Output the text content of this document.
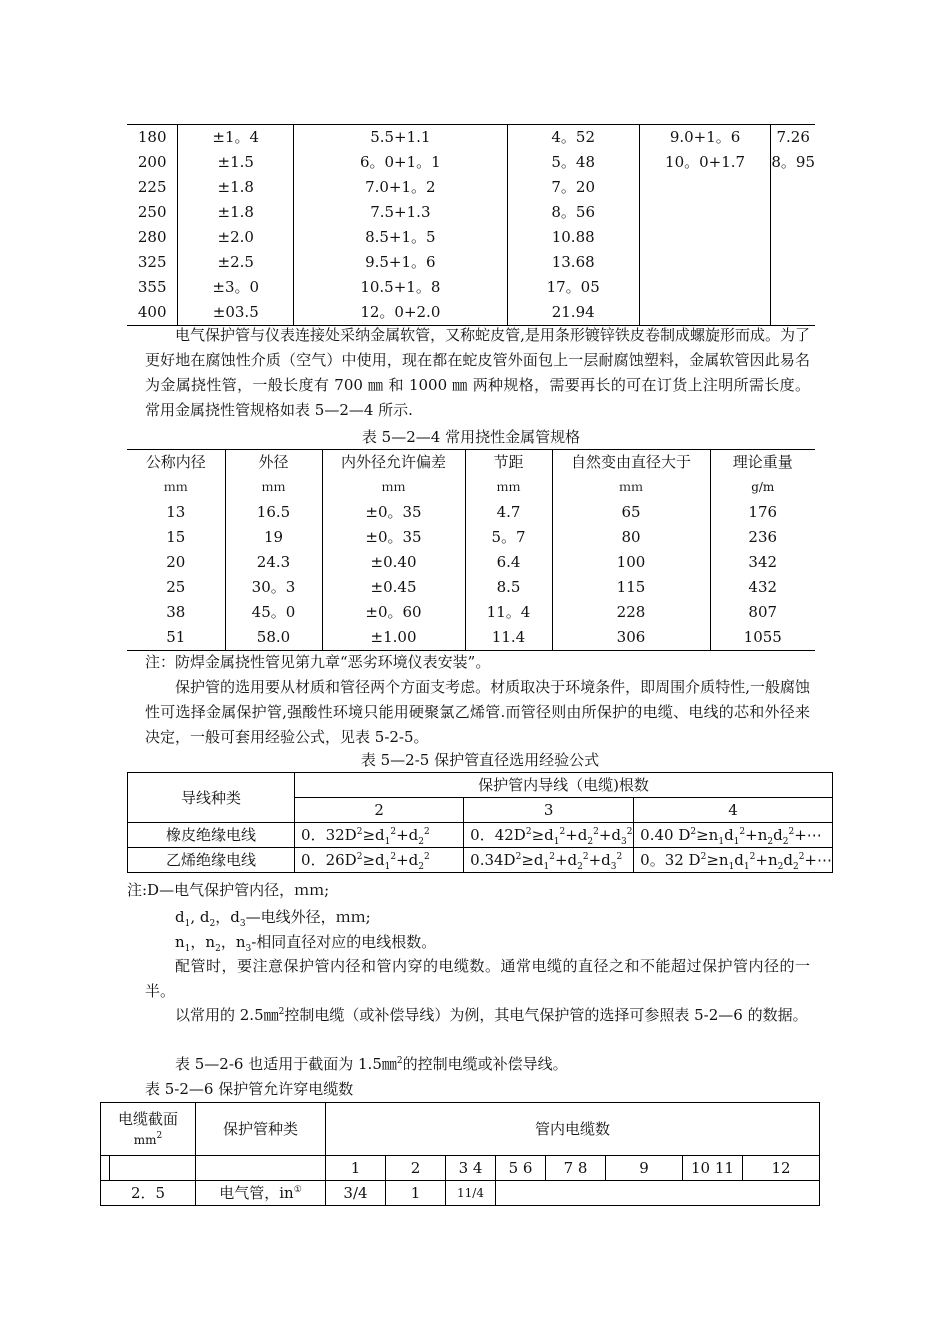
180	±1。4	5.5+1.1	4。52	9.0+1。6	7.26
200	±1.5	6。0+1。1	5。48	10。0+1.7	8。95
225	±1.8	7.0+1。2	7。20		
250	±1.8	7.5+1.3	8。56		
280	±2.0	8.5+1。5	10.88		
325	±2.5	9.5+1。6	13.68		
355	±3。0	10.5+1。8	17。05		
400	±03.5	12。0+2.0	21.94		

电气保护管与仪表连接处采纳金属软管，又称蛇皮管,是用条形镀锌铁皮卷制成螺旋形而成。为了更好地在腐蚀性介质（空气）中使用，现在都在蛇皮管外面包上一层耐腐蚀塑料，金属软管因此易名为金属挠性管，一般长度有 700 ㎜ 和 1000 ㎜ 两种规格，需要再长的可在订货上注明所需长度。常用金属挠性管规格如表 5—2—4 所示.

表 5—2—4 常用挠性金属管规格
公称内径	外径	内外径允许偏差	节距	自然变由直径大于	理论重量
ｍｍ	ｍｍ	ｍｍ	ｍｍ	ｍｍ	g/m
13	16.5	±0。35	4.7	65	176
15	19	±0。35	5。7	80	236
20	24.3	±0.40	6.4	100	342
25	30。3	±0.45	8.5	115	432
38	45。0	±0。60	11。4	228	807
51	58.0	±1.00	11.4	306	1055
注：防焊金属挠性管见第九章“恶劣环境仪表安装”。

保护管的选用要从材质和管径两个方面支考虑。材质取决于环境条件，即周围介质特性,一般腐蚀性可选择金属保护管,强酸性环境只能用硬聚氯乙烯管.而管径则由所保护的电缆、电线的芯和外径来决定，一般可套用经验公式，见表 5-2-5。

表 5—2-5 保护管直径选用经验公式
导线种类	保护管内导线（电缆)根数		
	2	3	4
橡皮绝缘电线	0．$32D^2\ge d_1^2+d_2^2$	0．$42D^2\ge d_1^2+d_2^2+d_3^2$	0.40 $D^2\ge n_1d_1^2+n_2d_2^2+\cdots$
乙烯绝缘电线	0．$26D^2\ge d_1^2+d_2^2$	$0.34D^2\ge d_1^2+d_2^2+d_3^2$	0。32 $D^2\ge n_1d_1^2+n_2d_2^2+\cdots$
注:D—电气保护管内径，ｍｍ;
$d_1$, $d_2$，$d_3—$电线外径，ｍｍ;
$n_1$，$n_2$，$n_3-$相同直径对应的电线根数。

配管时，要注意保护管内径和管内穿的电缆数。通常电缆的直径之和不能超过保护管内径的一半。

以常用的 2.5㎜$^2$控制电缆（或补偿导线）为例，其电气保护管的选择可参照表 5-2—6 的数据。

表 5—2-6 也适用于截面为 1.5㎜$^2$的控制电缆或补偿导线。

表 5-2—6 保护管允许穿电缆数
电缆截面
$mm^2$		保护管种类	管内电缆数							
			1	2	3 4	5 6	7 8	9	10 11	12
2．5		电气管，in①	3/4	1	11/4					
